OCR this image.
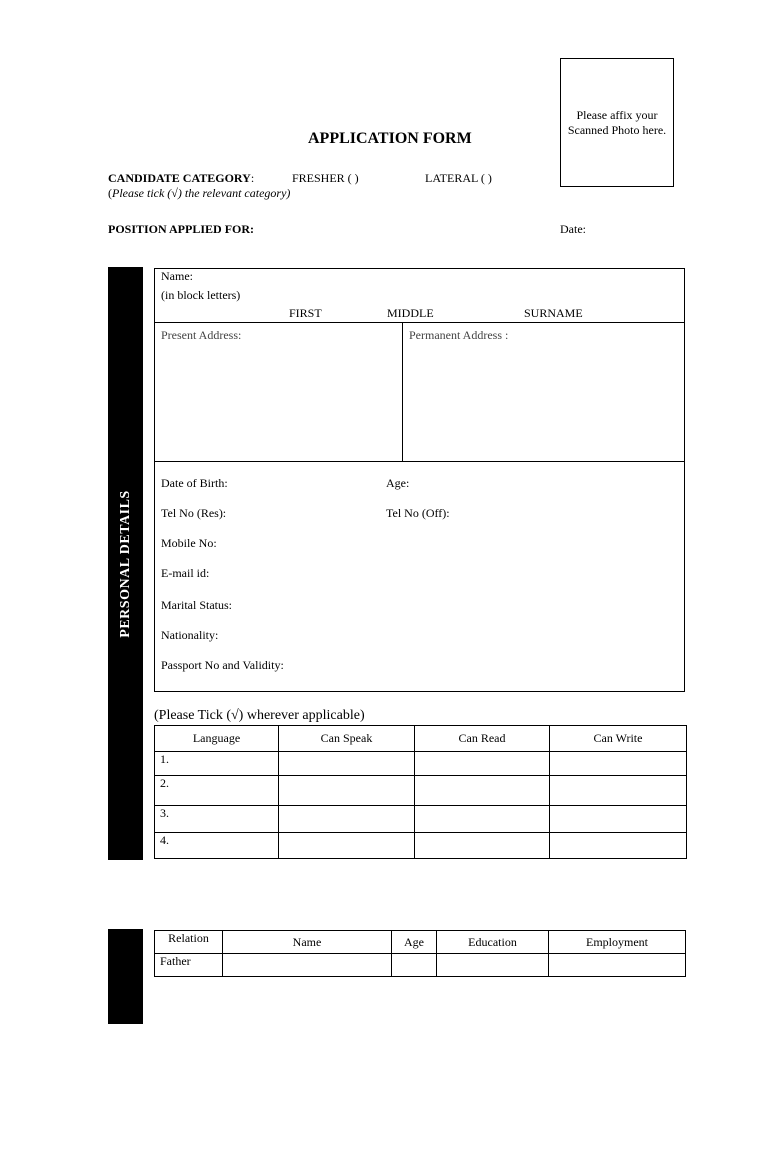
Please affix your Scanned Photo here.
APPLICATION FORM
CANDIDATE CATEGORY:	FRESHER ( )	LATERAL ( )
(Please tick (√) the relevant category)
POSITION APPLIED FOR:	Date:
PERSONAL DETAILS
Name:
(in block letters)
FIRST	MIDDLE	SURNAME
Present Address:	Permanent Address :
Date of Birth:	Age:
Tel No (Res):	Tel No (Off):
Mobile No:
E-mail id:
Marital Status:
Nationality:
Passport No and Validity:
(Please Tick (√) wherever applicable)
Language	Can Speak	Can Read	Can Write
1.			
2.			
3.			
4.			
FAMILY DETAILS
Relation	Name	Age	Education	Employment
Father				
